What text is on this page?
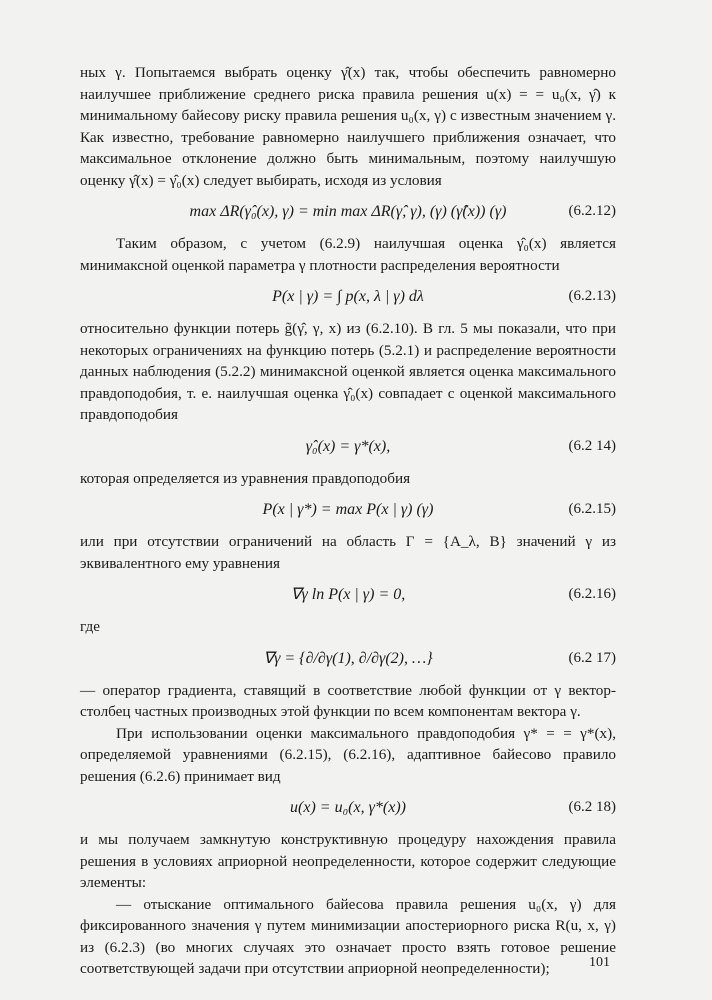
ных γ. Попытаемся выбрать оценку γ̂(x) так, чтобы обеспечить равномерно наилучшее приближение среднего риска правила решения u(x) = = u₀(x, γ̂) к минимальному байесову риску правила решения u₀(x, γ) с известным значением γ. Как известно, требование равномерно наилучшего приближения означает, что максимальное отклонение должно быть минимальным, поэтому наилучшую оценку γ̂(x) = γ̂₀(x) следует выбирать, исходя из условия

max ΔR(γ̂₀(x), γ) = min max ΔR(γ̂, γ), (γ) (γ̂(x)) (γ)	(6.2.12)

Таким образом, с учетом (6.2.9) наилучшая оценка γ̂₀(x) является минимаксной оценкой параметра γ плотности распределения вероятности

P(x | γ) = ∫ p(x, λ | γ) dλ	(6.2.13)

относительно функции потерь g̃(γ̂, γ, x) из (6.2.10). В гл. 5 мы показали, что при некоторых ограничениях на функцию потерь (5.2.1) и распределение вероятности данных наблюдения (5.2.2) минимаксной оценкой является оценка максимального правдоподобия, т. е. наилучшая оценка γ̂₀(x) совпадает с оценкой максимального правдоподобия

γ̂₀(x) = γ*(x),	(6.2 14)

которая определяется из уравнения правдоподобия

P(x | γ*) = max P(x | γ) (γ)	(6.2.15)

или при отсутствии ограничений на область Γ = {A_λ, B} значений γ из эквивалентного ему уравнения

∇γ ln P(x | γ) = 0,	(6.2.16)

где

∇γ = {∂/∂γ(1), ∂/∂γ(2), …}	(6.2 17)

— оператор градиента, ставящий в соответствие любой функции от γ вектор-столбец частных производных этой функции по всем компонентам вектора γ.

При использовании оценки максимального правдоподобия γ* = = γ*(x), определяемой уравнениями (6.2.15), (6.2.16), адаптивное байесово правило решения (6.2.6) принимает вид

u(x) = u₀(x, γ*(x))	(6.2 18)

и мы получаем замкнутую конструктивную процедуру нахождения правила решения в условиях априорной неопределенности, которое содержит следующие элементы:

— отыскание оптимального байесова правила решения u₀(x, γ) для фиксированного значения γ путем минимизации апостериорного риска R(u, x, γ) из (6.2.3) (во многих случаях это означает просто взять готовое решение соответствующей задачи при отсутствии априорной неопределенности);	101
